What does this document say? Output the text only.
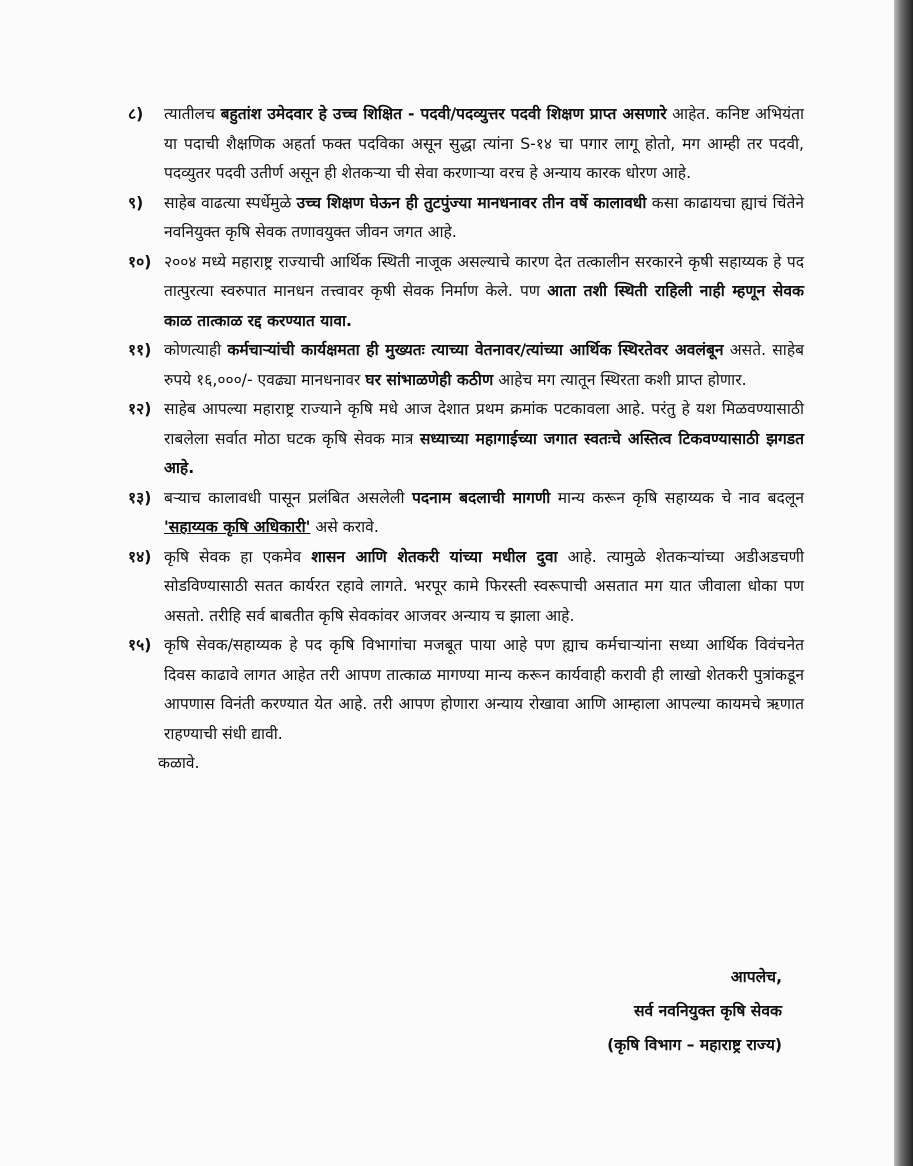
८) त्यातीलच बहुतांश उमेदवार हे उच्च शिक्षित - पदवी/पदव्युत्तर पदवी शिक्षण प्राप्त असणारे आहेत. कनिष्ट अभियंता या पदाची शैक्षणिक अहर्ता फक्त पदविका असून सुद्धा त्यांना S-१४ चा पगार लागू होतो, मग आम्ही तर पदवी, पदव्युतर पदवी उतीर्ण असून ही शेतकऱ्या ची सेवा करणाऱ्या वरच हे अन्याय कारक धोरण आहे.
९) साहेब वाढत्या स्पर्धेमुळे उच्च शिक्षण घेऊन ही तुटपुंज्या मानधनावर तीन वर्षे कालावधी कसा काढायचा ह्याचं चिंतेने नवनियुक्त कृषि सेवक तणावयुक्त जीवन जगत आहे.
१०) २००४ मध्ये महाराष्ट्र राज्याची आर्थिक स्थिती नाजूक असल्याचे कारण देत तत्कालीन सरकारने कृषी सहाय्यक हे पद तात्पुरत्या स्वरुपात मानधन तत्त्वावर कृषी सेवक निर्माण केले. पण आता तशी स्थिती राहिली नाही म्हणून सेवक काळ तात्काळ रद्द करण्यात यावा.
११) कोणत्याही कर्मचाऱ्यांची कार्यक्षमता ही मुख्यतः त्याच्या वेतनावर/त्यांच्या आर्थिक स्थिरतेवर अवलंबून असते. साहेब रुपये १६,०००/- एवढ्या मानधनावर घर सांभाळणेही कठीण आहेच मग त्यातून स्थिरता कशी प्राप्त होणार.
१२) साहेब आपल्या महाराष्ट्र राज्याने कृषि मधे आज देशात प्रथम क्रमांक पटकावला आहे. परंतु हे यश मिळवण्यासाठी राबलेला सर्वात मोठा घटक कृषि सेवक मात्र सध्याच्या महागाईच्या जगात स्वतःचे अस्तित्व टिकवण्यासाठी झगडत आहे.
१३) बऱ्याच कालावधी पासून प्रलंबित असलेली पदनाम बदलाची मागणी मान्य करून कृषि सहाय्यक चे नाव बदलून 'सहाय्यक कृषि अधिकारी' असे करावे.
१४) कृषि सेवक हा एकमेव शासन आणि शेतकरी यांच्या मधील दुवा आहे. त्यामुळे शेतकऱ्यांच्या अडीअडचणी सोडविण्यासाठी सतत कार्यरत रहावे लागते. भरपूर कामे फिरस्ती स्वरूपाची असतात मग यात जीवाला धोका पण असतो. तरीहि सर्व बाबतीत कृषि सेवकांवर आजवर अन्याय च झाला आहे.
१५) कृषि सेवक/सहाय्यक हे पद कृषि विभागांचा मजबूत पाया आहे पण ह्याच कर्मचाऱ्यांना सध्या आर्थिक विवंचनेत दिवस काढावे लागत आहेत तरी आपण तात्काळ मागण्या मान्य करून कार्यवाही करावी ही लाखो शेतकरी पुत्रांकडून आपणास विनंती करण्यात येत आहे. तरी आपण होणारा अन्याय रोखावा आणि आम्हाला आपल्या कायमचे ऋणात राहण्याची संधी द्यावी.
कळावे.
आपलेच,
सर्व नवनियुक्त कृषि सेवक
(कृषि विभाग – महाराष्ट्र राज्य)
